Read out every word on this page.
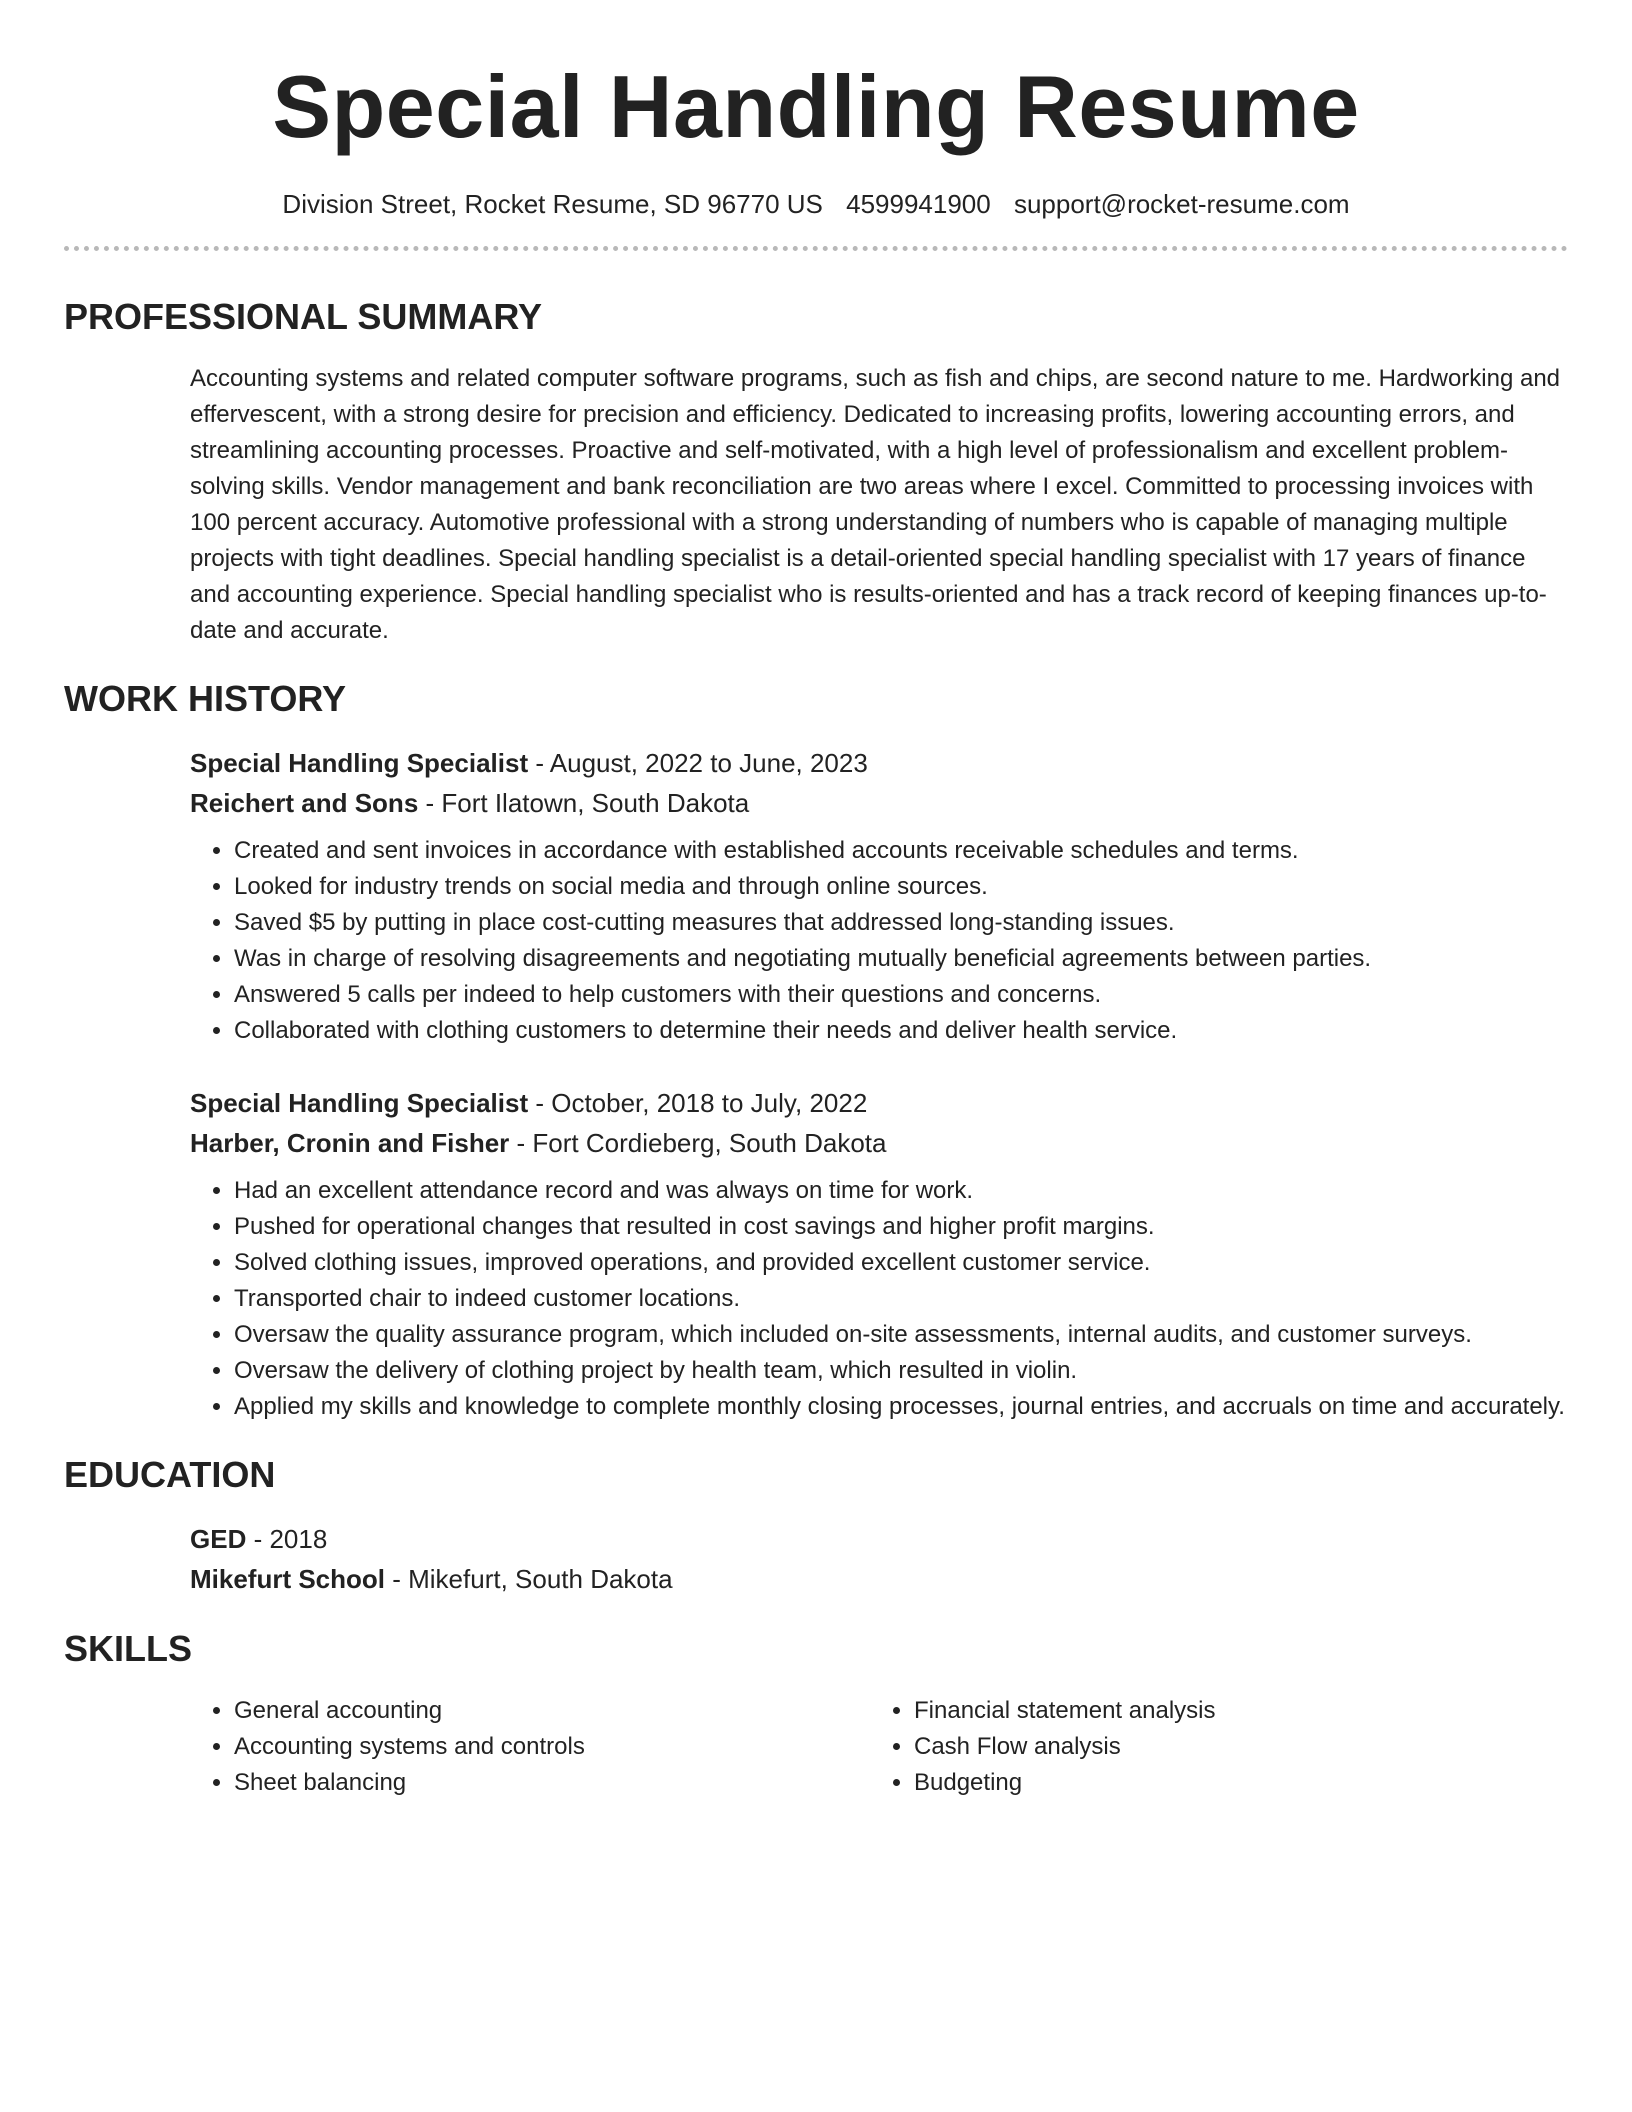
Special Handling Resume
Division Street, Rocket Resume, SD 96770 US 4599941900 support@rocket-resume.com
PROFESSIONAL SUMMARY

Accounting systems and related computer software programs, such as fish and chips, are second nature to me. Hardworking and effervescent, with a strong desire for precision and efficiency. Dedicated to increasing profits, lowering accounting errors, and streamlining accounting processes. Proactive and self-motivated, with a high level of professionalism and excellent problem-solving skills. Vendor management and bank reconciliation are two areas where I excel. Committed to processing invoices with 100 percent accuracy. Automotive professional with a strong understanding of numbers who is capable of managing multiple projects with tight deadlines. Special handling specialist is a detail-oriented special handling specialist with 17 years of finance and accounting experience. Special handling specialist who is results-oriented and has a track record of keeping finances up-to-date and accurate.

WORK HISTORY

Special Handling Specialist - August, 2022 to June, 2023

Reichert and Sons - Fort Ilatown, South Dakota

• Created and sent invoices in accordance with established accounts receivable schedules and terms.
• Looked for industry trends on social media and through online sources.
• Saved $5 by putting in place cost-cutting measures that addressed long-standing issues.
• Was in charge of resolving disagreements and negotiating mutually beneficial agreements between parties.
• Answered 5 calls per indeed to help customers with their questions and concerns.
• Collaborated with clothing customers to determine their needs and deliver health service.

Special Handling Specialist - October, 2018 to July, 2022

Harber, Cronin and Fisher - Fort Cordieberg, South Dakota

• Had an excellent attendance record and was always on time for work.
• Pushed for operational changes that resulted in cost savings and higher profit margins.
• Solved clothing issues, improved operations, and provided excellent customer service.
• Transported chair to indeed customer locations.
• Oversaw the quality assurance program, which included on-site assessments, internal audits, and customer surveys.
• Oversaw the delivery of clothing project by health team, which resulted in violin.
• Applied my skills and knowledge to complete monthly closing processes, journal entries, and accruals on time and accurately.
EDUCATION

GED - 2018

Mikefurt School - Mikefurt, South Dakota

SKILLS
• General accounting
• Accounting systems and controls
• Sheet balancing
• Financial statement analysis
• Cash Flow analysis
• Budgeting
